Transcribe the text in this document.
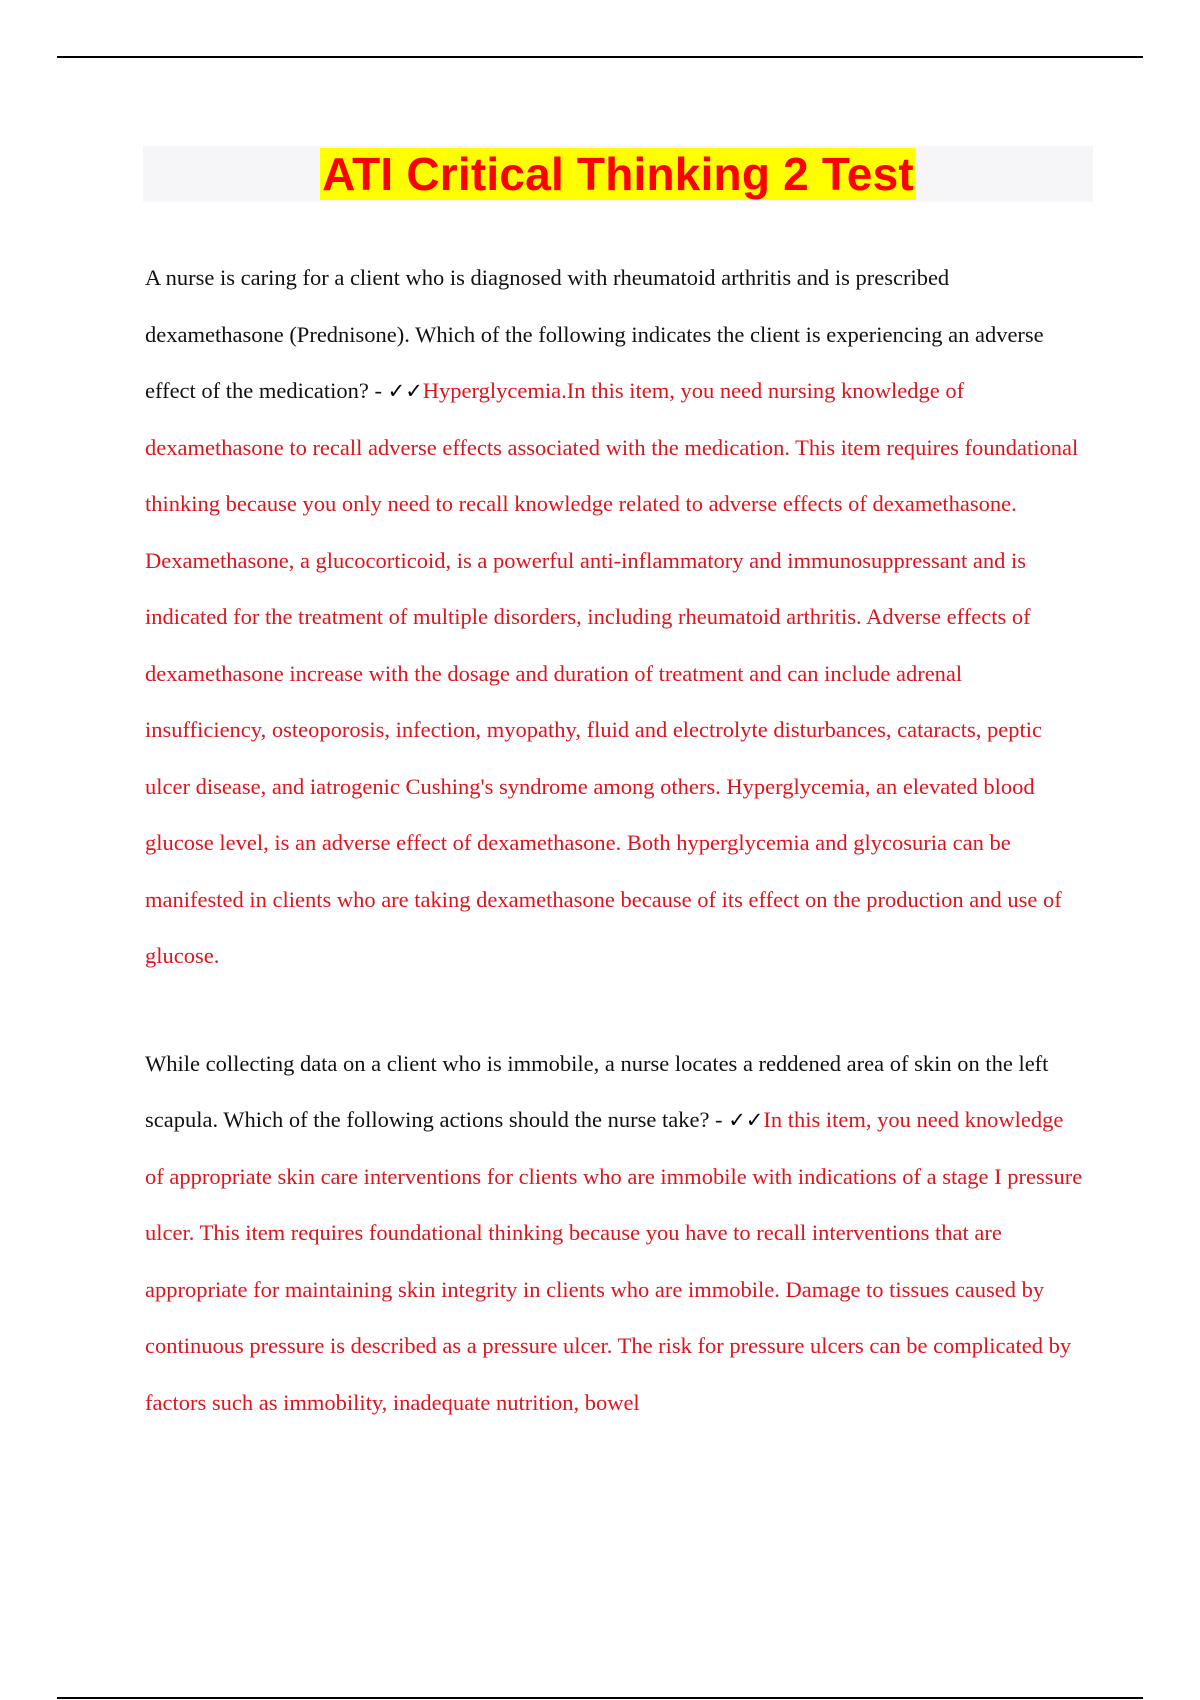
ATI Critical Thinking 2 Test

A nurse is caring for a client who is diagnosed with rheumatoid arthritis and is prescribed dexamethasone (Prednisone). Which of the following indicates the client is experiencing an adverse effect of the medication? - ✓✓Hyperglycemia.In this item, you need nursing knowledge of dexamethasone to recall adverse effects associated with the medication. This item requires foundational thinking because you only need to recall knowledge related to adverse effects of dexamethasone. Dexamethasone, a glucocorticoid, is a powerful anti-inflammatory and immunosuppressant and is indicated for the treatment of multiple disorders, including rheumatoid arthritis. Adverse effects of dexamethasone increase with the dosage and duration of treatment and can include adrenal insufficiency, osteoporosis, infection, myopathy, fluid and electrolyte disturbances, cataracts, peptic ulcer disease, and iatrogenic Cushing's syndrome among others. Hyperglycemia, an elevated blood glucose level, is an adverse effect of dexamethasone. Both hyperglycemia and glycosuria can be manifested in clients who are taking dexamethasone because of its effect on the production and use of glucose.

While collecting data on a client who is immobile, a nurse locates a reddened area of skin on the left scapula. Which of the following actions should the nurse take? - ✓✓In this item, you need knowledge of appropriate skin care interventions for clients who are immobile with indications of a stage I pressure ulcer. This item requires foundational thinking because you have to recall interventions that are appropriate for maintaining skin integrity in clients who are immobile. Damage to tissues caused by continuous pressure is described as a pressure ulcer. The risk for pressure ulcers can be complicated by factors such as immobility, inadequate nutrition, bowel
